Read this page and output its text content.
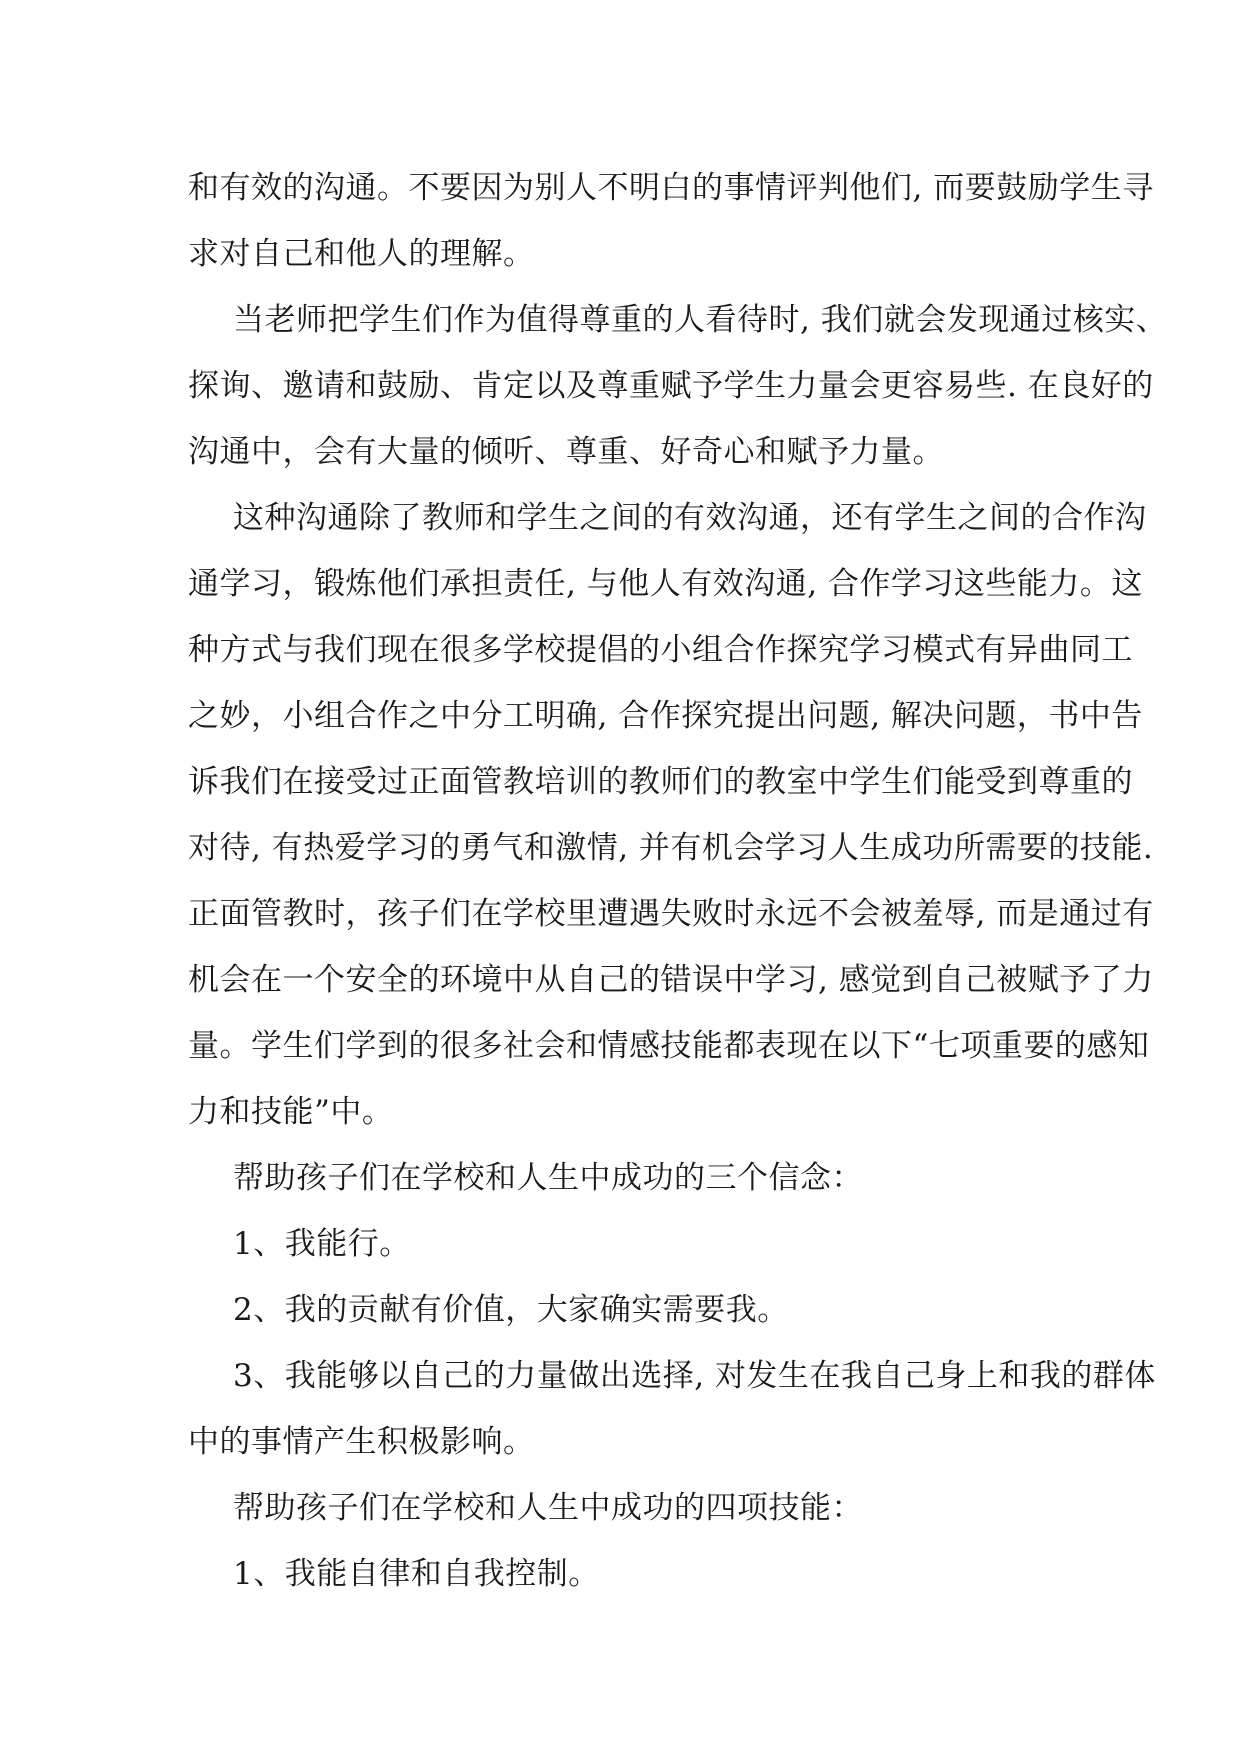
和有效的沟通。不要因为别人不明白的事情评判他们, 而要鼓励学生寻
求对自己和他人的理解。
当老师把学生们作为值得尊重的人看待时, 我们就会发现通过核实、
探询、邀请和鼓励、肯定以及尊重赋予学生力量会更容易些. 在良好的
沟通中，会有大量的倾听、尊重、好奇心和赋予力量。
这种沟通除了教师和学生之间的有效沟通，还有学生之间的合作沟
通学习，锻炼他们承担责任, 与他人有效沟通, 合作学习这些能力。这
种方式与我们现在很多学校提倡的小组合作探究学习模式有异曲同工
之妙，小组合作之中分工明确, 合作探究提出问题, 解决问题，书中告
诉我们在接受过正面管教培训的教师们的教室中学生们能受到尊重的
对待, 有热爱学习的勇气和激情, 并有机会学习人生成功所需要的技能.
正面管教时，孩子们在学校里遭遇失败时永远不会被羞辱, 而是通过有
机会在一个安全的环境中从自己的错误中学习, 感觉到自己被赋予了力
量。学生们学到的很多社会和情感技能都表现在以下“七项重要的感知
力和技能”中。
帮助孩子们在学校和人生中成功的三个信念：
1、我能行。
2、我的贡献有价值，大家确实需要我。
3、我能够以自己的力量做出选择, 对发生在我自己身上和我的群体
中的事情产生积极影响。
帮助孩子们在学校和人生中成功的四项技能：
1、我能自律和自我控制。
